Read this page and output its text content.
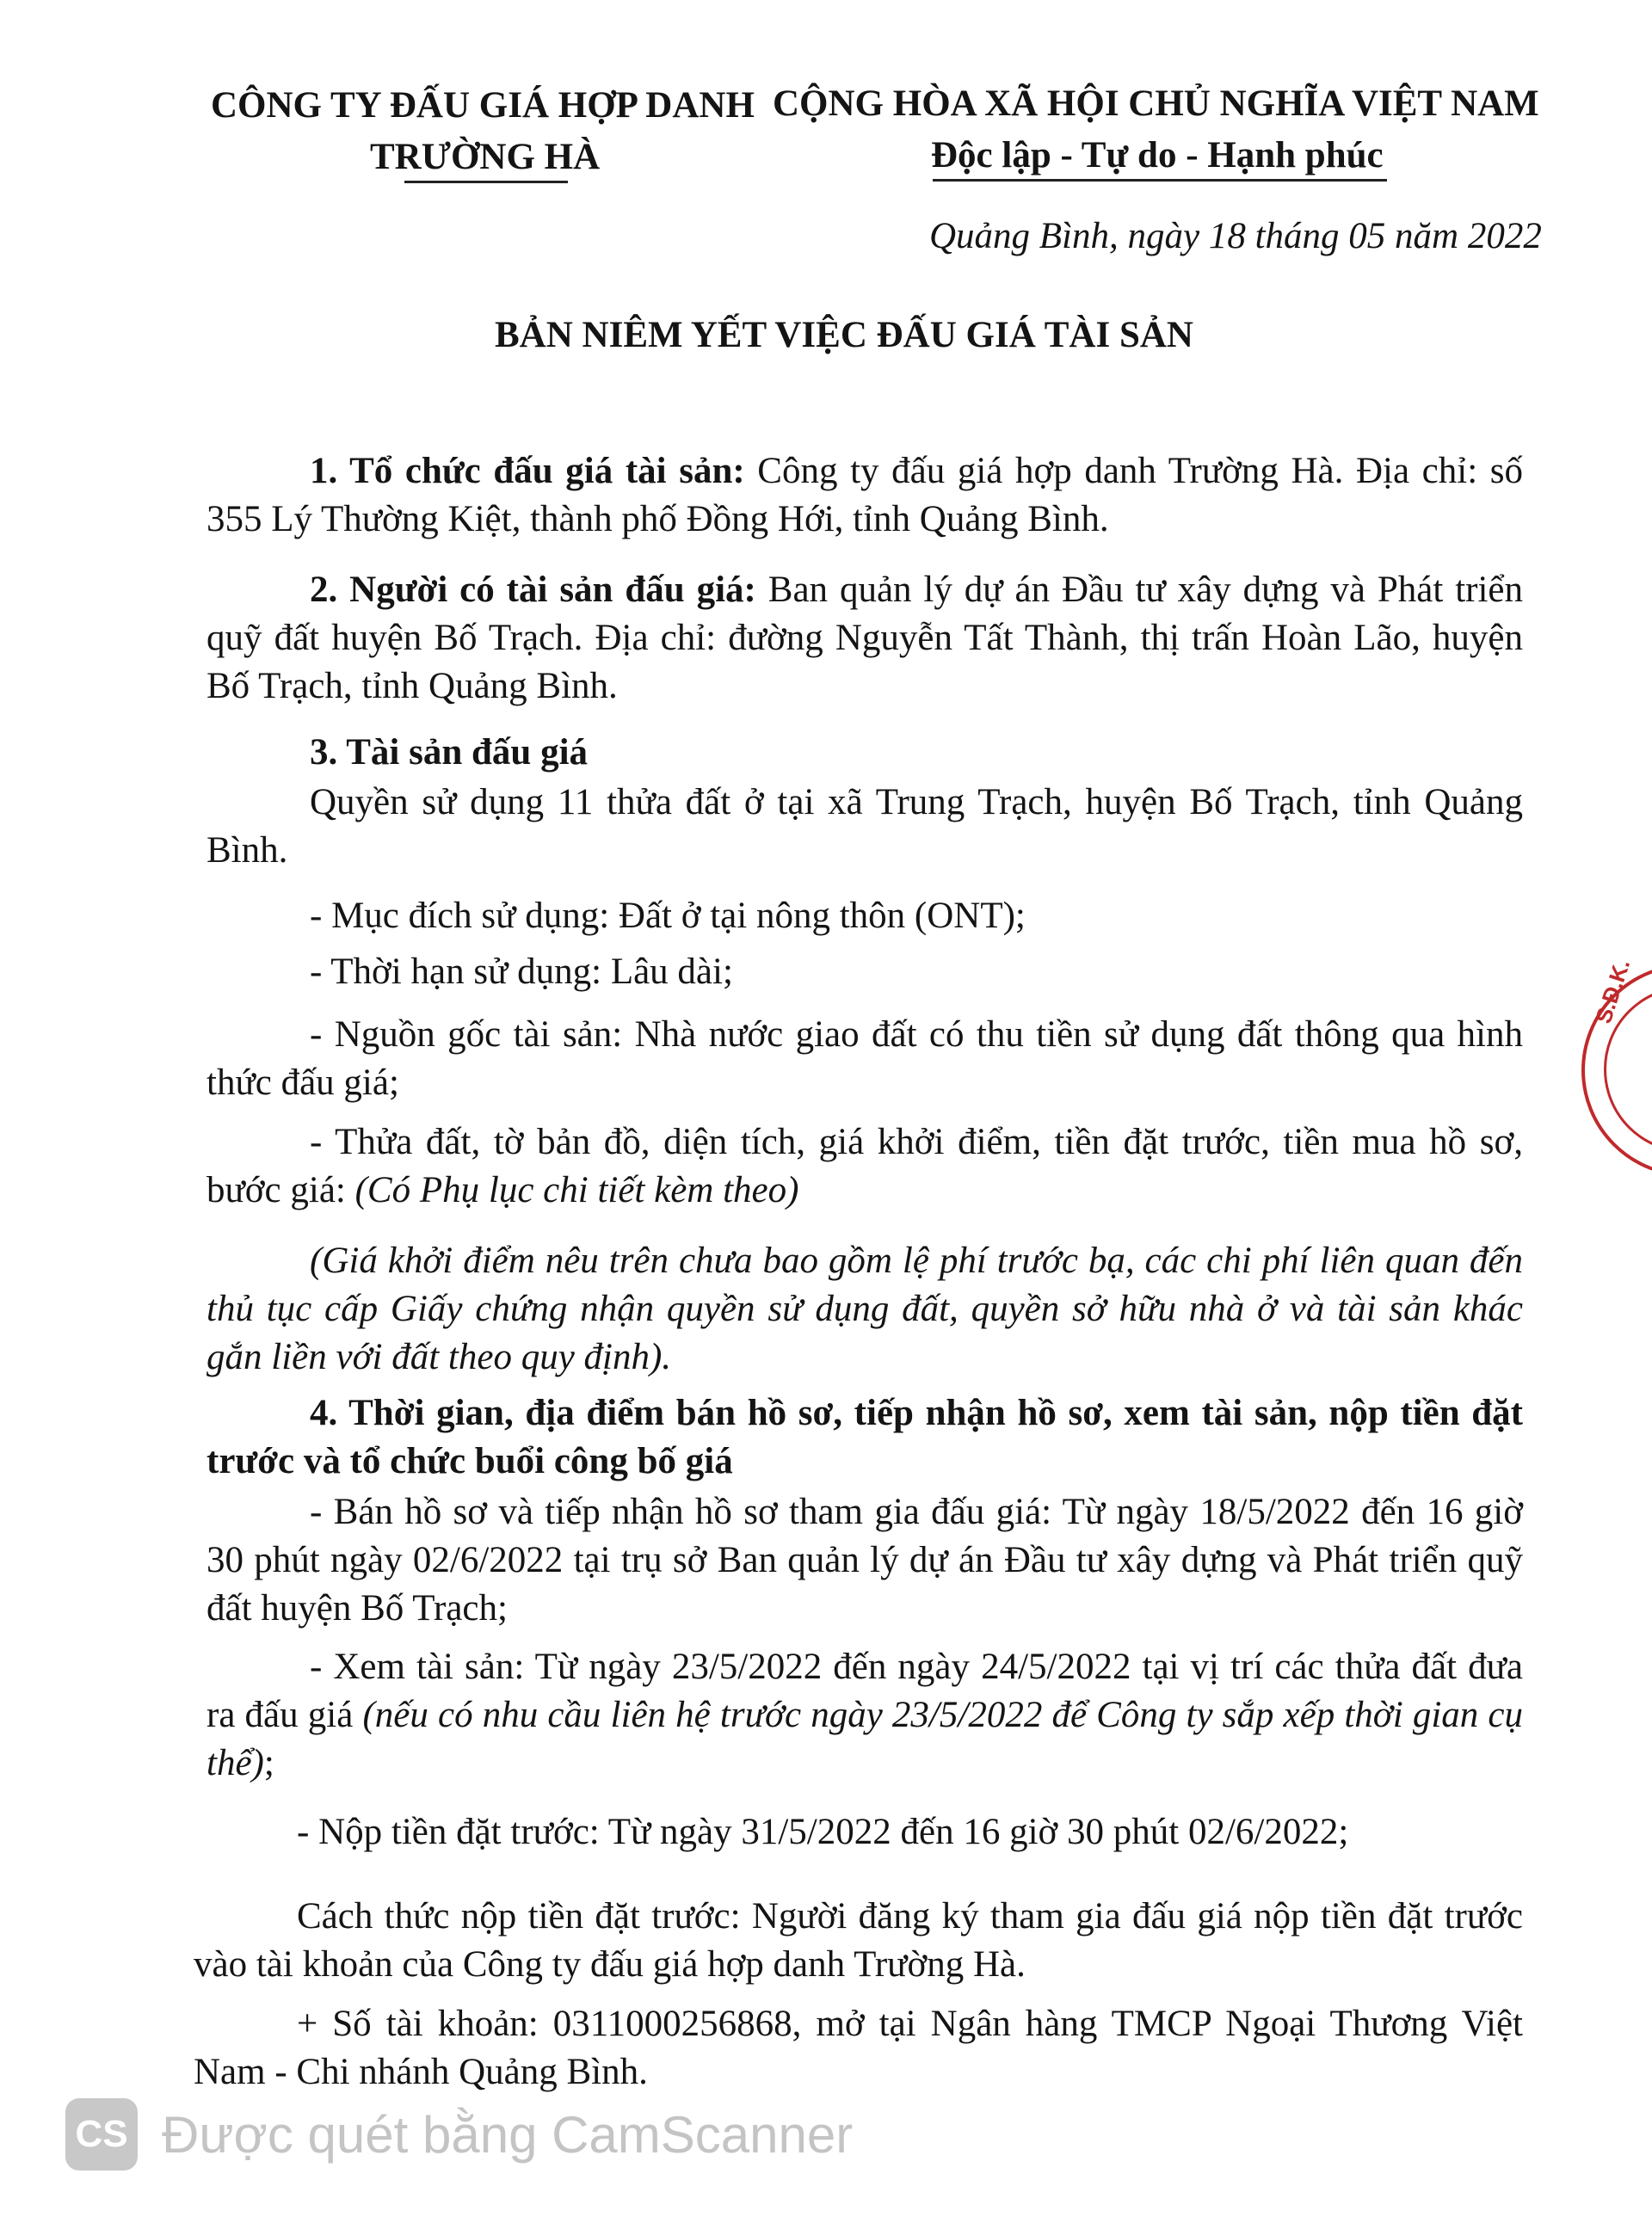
CÔNG TY ĐẤU GIÁ HỢP DANH
TRƯỜNG HÀ
CỘNG HÒA XÃ HỘI CHỦ NGHĨA VIỆT NAM
Độc lập - Tự do - Hạnh phúc
Quảng Bình, ngày 18 tháng 05 năm 2022
BẢN NIÊM YẾT VIỆC ĐẤU GIÁ TÀI SẢN
1. Tổ chức đấu giá tài sản: Công ty đấu giá hợp danh Trường Hà. Địa chỉ: số 355 Lý Thường Kiệt, thành phố Đồng Hới, tỉnh Quảng Bình.
2. Người có tài sản đấu giá: Ban quản lý dự án Đầu tư xây dựng và Phát triển quỹ đất huyện Bố Trạch. Địa chỉ: đường Nguyễn Tất Thành, thị trấn Hoàn Lão, huyện Bố Trạch, tỉnh Quảng Bình.
3. Tài sản đấu giá
Quyền sử dụng 11 thửa đất ở tại xã Trung Trạch, huyện Bố Trạch, tỉnh Quảng Bình.
- Mục đích sử dụng: Đất ở tại nông thôn (ONT);
- Thời hạn sử dụng: Lâu dài;
- Nguồn gốc tài sản: Nhà nước giao đất có thu tiền sử dụng đất thông qua hình thức đấu giá;
- Thửa đất, tờ bản đồ, diện tích, giá khởi điểm, tiền đặt trước, tiền mua hồ sơ, bước giá: (Có Phụ lục chi tiết kèm theo)
(Giá khởi điểm nêu trên chưa bao gồm lệ phí trước bạ, các chi phí liên quan đến thủ tục cấp Giấy chứng nhận quyền sử dụng đất, quyền sở hữu nhà ở và tài sản khác gắn liền với đất theo quy định).
4. Thời gian, địa điểm bán hồ sơ, tiếp nhận hồ sơ, xem tài sản, nộp tiền đặt trước và tổ chức buổi công bố giá
- Bán hồ sơ và tiếp nhận hồ sơ tham gia đấu giá: Từ ngày 18/5/2022 đến 16 giờ 30 phút ngày 02/6/2022 tại trụ sở Ban quản lý dự án Đầu tư xây dựng và Phát triển quỹ đất huyện Bố Trạch;
- Xem tài sản: Từ ngày 23/5/2022 đến ngày 24/5/2022 tại vị trí các thửa đất đưa ra đấu giá (nếu có nhu cầu liên hệ trước ngày 23/5/2022 để Công ty sắp xếp thời gian cụ thể);
- Nộp tiền đặt trước: Từ ngày 31/5/2022 đến 16 giờ 30 phút 02/6/2022;
Cách thức nộp tiền đặt trước: Người đăng ký tham gia đấu giá nộp tiền đặt trước vào tài khoản của Công ty đấu giá hợp danh Trường Hà.
+ Số tài khoản: 0311000256868, mở tại Ngân hàng TMCP Ngoại Thương Việt Nam - Chi nhánh Quảng Bình.
S.Đ.K.
CS Được quét bằng CamScanner
